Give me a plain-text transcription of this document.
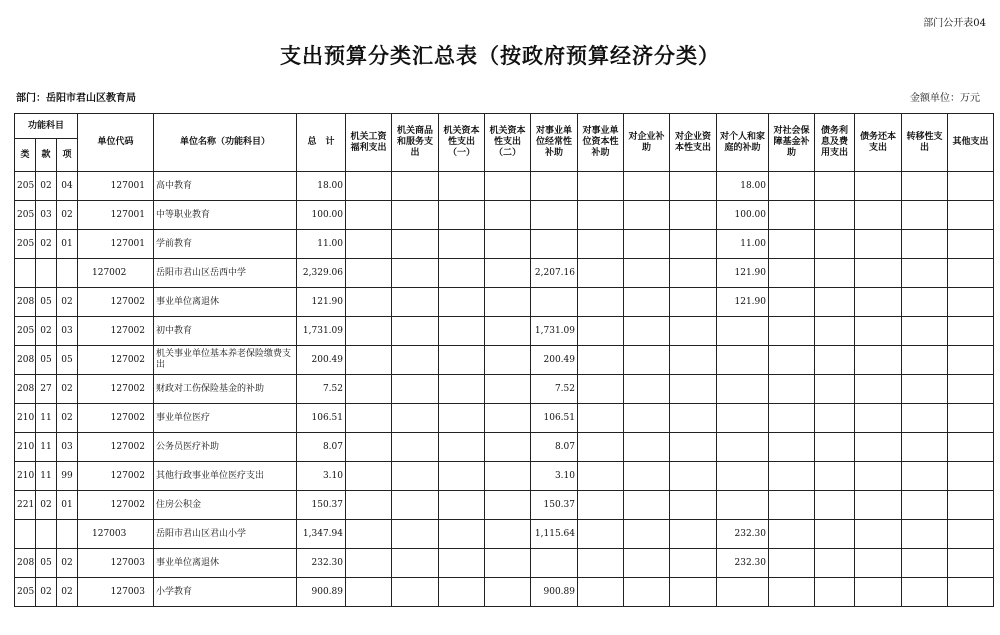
部门公开表04
支出预算分类汇总表（按政府预算经济分类）
部门：岳阳市君山区教育局	金额单位：万元
功能科目			单位代码	单位名称（功能科目）	总　计	机关工资福利支出	机关商品和服务支出	机关资本性支出（一）	机关资本性支出（二）	对事业单位经常性补助	对事业单位资本性补助	对企业补助	对企业资本性支出	对个人和家庭的补助	对社会保障基金补助	债务利息及费用支出	债务还本支出	转移性支出	其他支出
类	款	项																	
205	02	04	127001	高中教育	18.00									18.00					
205	03	02	127001	中等职业教育	100.00									100.00					
205	02	01	127001	学前教育	11.00									11.00					
			127002	岳阳市君山区岳西中学	2,329.06					2,207.16				121.90					
208	05	02	127002	事业单位离退休	121.90									121.90					
205	02	03	127002	初中教育	1,731.09					1,731.09									
208	05	05	127002	机关事业单位基本养老保险缴费支出	200.49					200.49									
208	27	02	127002	财政对工伤保险基金的补助	7.52					7.52									
210	11	02	127002	事业单位医疗	106.51					106.51									
210	11	03	127002	公务员医疗补助	8.07					8.07									
210	11	99	127002	其他行政事业单位医疗支出	3.10					3.10									
221	02	01	127002	住房公积金	150.37					150.37									
			127003	岳阳市君山区君山小学	1,347.94					1,115.64				232.30					
208	05	02	127003	事业单位离退休	232.30									232.30					
205	02	02	127003	小学教育	900.89					900.89									
